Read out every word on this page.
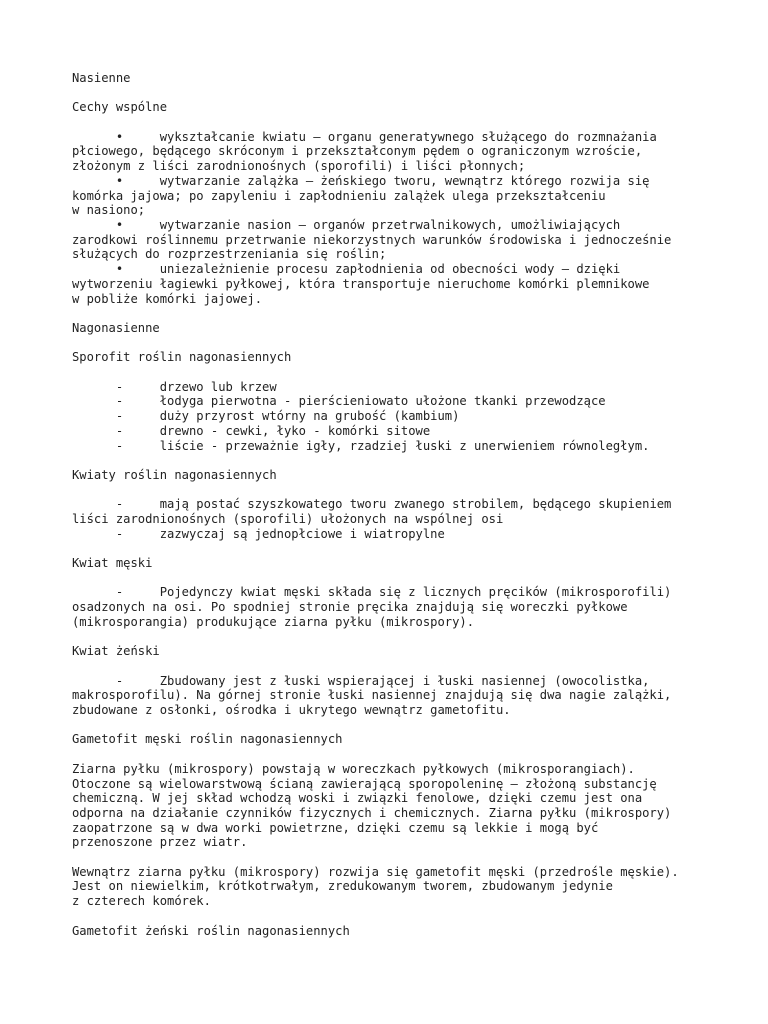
Nasienne
Cechy wspólne
•	wykształcanie kwiatu – organu generatywnego służącego do rozmnażania
płciowego, będącego skróconym i przekształconym pędem o ograniczonym wzroście,
złożonym z liści zarodnionośnych (sporofili) i liści płonnych;
•	wytwarzanie zalążka – żeńskiego tworu, wewnątrz którego rozwija się
komórka jajowa; po zapyleniu i zapłodnieniu zalążek ulega przekształceniu
w nasiono;
•	wytwarzanie nasion – organów przetrwalnikowych, umożliwiających
zarodkowi roślinnemu przetrwanie niekorzystnych warunków środowiska i jednocześnie
służących do rozprzestrzeniania się roślin;
•	uniezależnienie procesu zapłodnienia od obecności wody – dzięki
wytworzeniu łagiewki pyłkowej, która transportuje nieruchome komórki plemnikowe
w pobliże komórki jajowej.
Nagonasienne
Sporofit roślin nagonasiennych
-	drzewo lub krzew
-	łodyga pierwotna - pierścieniowato ułożone tkanki przewodzące
-	duży przyrost wtórny na grubość (kambium)
-	drewno - cewki, łyko - komórki sitowe
-	liście - przeważnie igły, rzadziej łuski z unerwieniem równoległym.
Kwiaty roślin nagonasiennych
-	mają postać szyszkowatego tworu zwanego strobilem, będącego skupieniem
liści zarodnionośnych (sporofili) ułożonych na wspólnej osi
-	zazwyczaj są jednopłciowe i wiatropylne
Kwiat męski
-	Pojedynczy kwiat męski składa się z licznych pręcików (mikrosporofili)
osadzonych na osi. Po spodniej stronie pręcika znajdują się woreczki pyłkowe
(mikrosporangia) produkujące ziarna pyłku (mikrospory).
Kwiat żeński
-	Zbudowany jest z łuski wspierającej i łuski nasiennej (owocolistka,
makrosporofilu). Na górnej stronie łuski nasiennej znajdują się dwa nagie zalążki,
zbudowane z osłonki, ośrodka i ukrytego wewnątrz gametofitu.
Gametofit męski roślin nagonasiennych
Ziarna pyłku (mikrospory) powstają w woreczkach pyłkowych (mikrosporangiach).
Otoczone są wielowarstwową ścianą zawierającą sporopoleninę – złożoną substancję
chemiczną. W jej skład wchodzą woski i związki fenolowe, dzięki czemu jest ona
odporna na działanie czynników fizycznych i chemicznych. Ziarna pyłku (mikrospory)
zaopatrzone są w dwa worki powietrzne, dzięki czemu są lekkie i mogą być
przenoszone przez wiatr.
Wewnątrz ziarna pyłku (mikrospory) rozwija się gametofit męski (przedrośle męskie).
Jest on niewielkim, krótkotrwałym, zredukowanym tworem, zbudowanym jedynie
z czterech komórek.
Gametofit żeński roślin nagonasiennych
